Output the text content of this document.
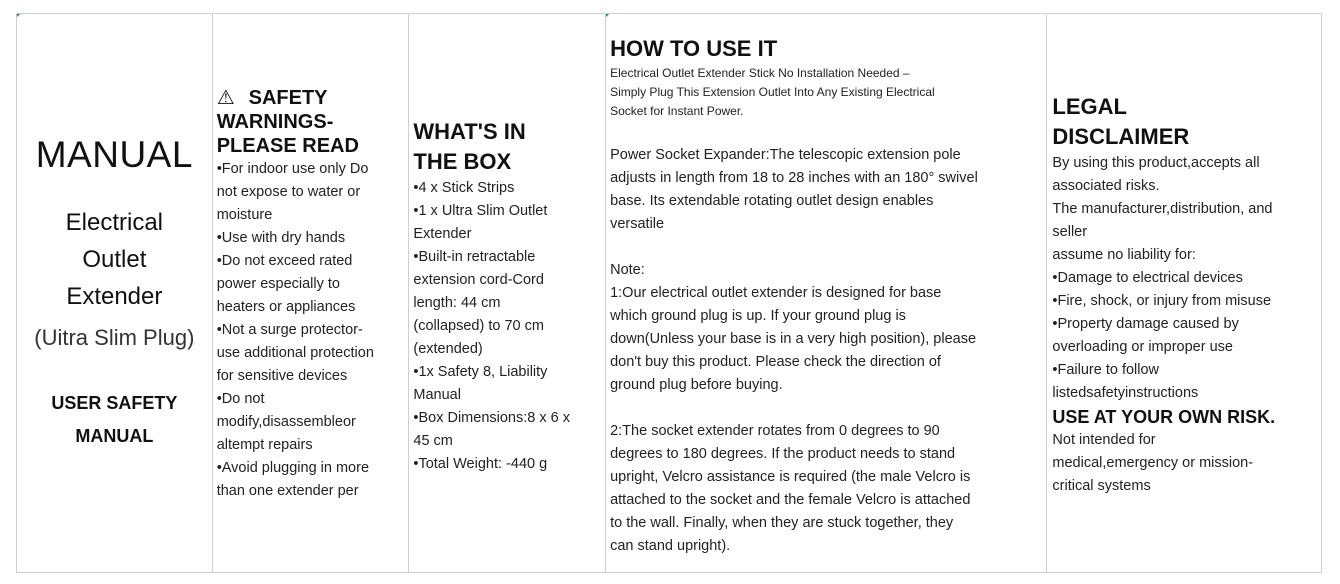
MANUAL
Electrical
Outlet
Extender
(Uitra Slim Plug)
USER SAFETY
MANUAL
⚠ SAFETY
WARNINGS-
PLEASE READ
•For indoor use only Do
not expose to water or
moisture
•Use with dry hands
•Do not exceed rated
power especially to
heaters or appliances
•Not a surge protector-
use additional protection
for sensitive devices
•Do not
modify,disassembleor
altempt repairs
•Avoid plugging in more
than one extender per
WHAT'S IN
THE BOX
•4 x Stick Strips
•1 x Ultra Slim Outlet
Extender
•Built-in retractable
extension cord-Cord
length: 44 cm
(collapsed) to 70 cm
(extended)
•1x Safety 8, Liability
Manual
•Box Dimensions:8 x 6 x
45 cm
•Total Weight: -440 g
HOW TO USE IT
Electrical Outlet Extender Stick No Installation Needed –
Simply Plug This Extension Outlet Into Any Existing Electrical
Socket for Instant Power.
Power Socket Expander:The telescopic extension pole
adjusts in length from 18 to 28 inches with an 180° swivel
base. Its extendable rotating outlet design enables
versatile
Note:
1:Our electrical outlet extender is designed for base
which ground plug is up. If your ground plug is
down(Unless your base is in a very high position), please
don't buy this product. Please check the direction of
ground plug before buying.
2:The socket extender rotates from 0 degrees to 90
degrees to 180 degrees. If the product needs to stand
upright, Velcro assistance is required (the male Velcro is
attached to the socket and the female Velcro is attached
to the wall. Finally, when they are stuck together, they
can stand upright).
LEGAL
DISCLAIMER
By using this product,accepts all
associated risks.
The manufacturer,distribution, and
seller
assume no liability for:
•Damage to electrical devices
•Fire, shock, or injury from misuse
•Property damage caused by
overloading or improper use
•Failure to follow
listedsafetyinstructions
USE AT YOUR OWN RISK.
Not intended for
medical,emergency or mission-
critical systems
